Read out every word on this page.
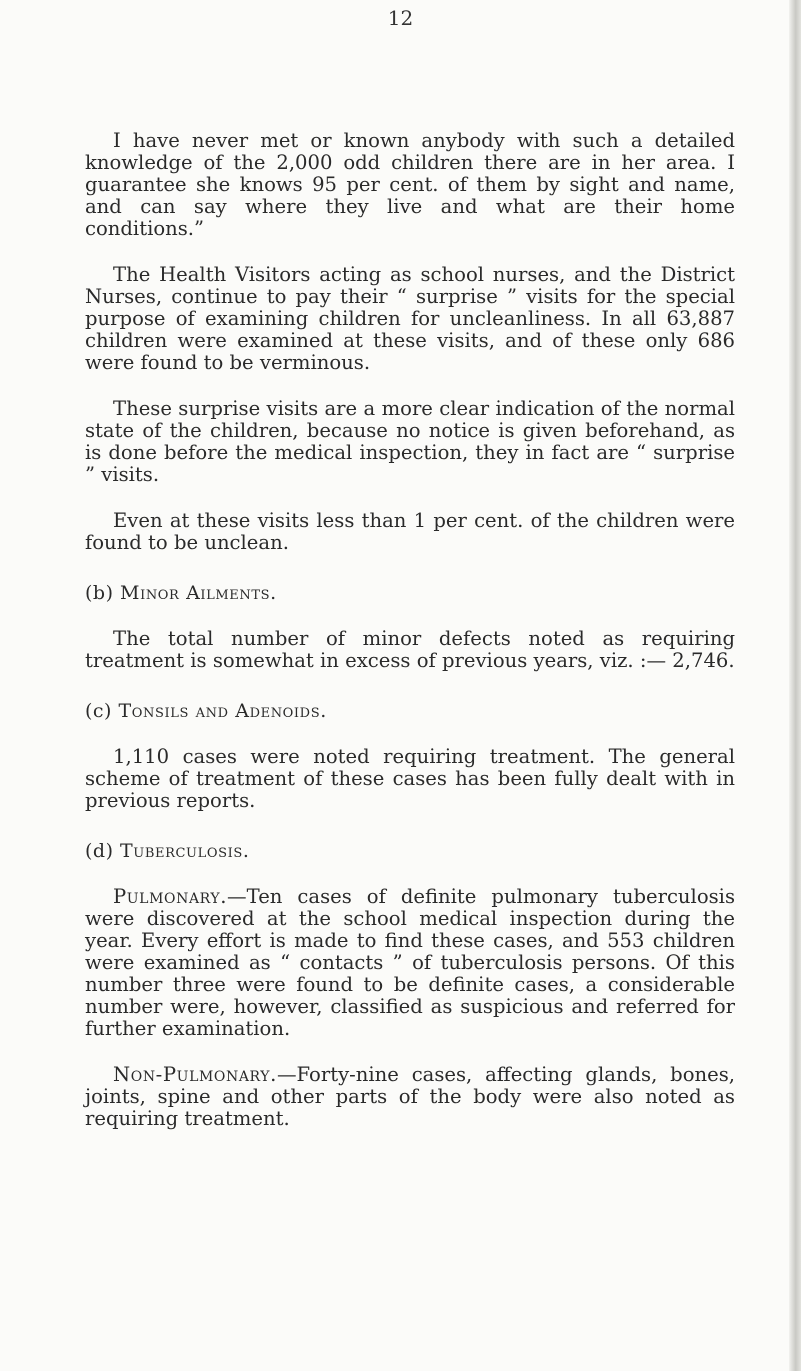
12

I have never met or known anybody with such a detailed knowledge of the 2,000 odd children there are in her area. I guarantee she knows 95 per cent. of them by sight and name, and can say where they live and what are their home conditions.”

The Health Visitors acting as school nurses, and the District Nurses, continue to pay their “ surprise ” visits for the special purpose of examining children for uncleanliness. In all 63,887 children were examined at these visits, and of these only 686 were found to be verminous.

These surprise visits are a more clear indication of the normal state of the children, because no notice is given beforehand, as is done before the medical inspection, they in fact are “ surprise ” visits.

Even at these visits less than 1 per cent. of the children were found to be unclean.

(b) Minor Ailments.

The total number of minor defects noted as requiring treatment is somewhat in excess of previous years, viz. :— 2,746.

(c) Tonsils and Adenoids.

1,110 cases were noted requiring treatment. The general scheme of treatment of these cases has been fully dealt with in previous reports.

(d) Tuberculosis.

Pulmonary.—Ten cases of definite pulmonary tuberculosis were discovered at the school medical inspection during the year. Every effort is made to find these cases, and 553 children were examined as “ contacts ” of tuberculosis persons. Of this number three were found to be definite cases, a considerable number were, however, classified as suspicious and referred for further examination.

Non-Pulmonary.—Forty-nine cases, affecting glands, bones, joints, spine and other parts of the body were also noted as requiring treatment.
